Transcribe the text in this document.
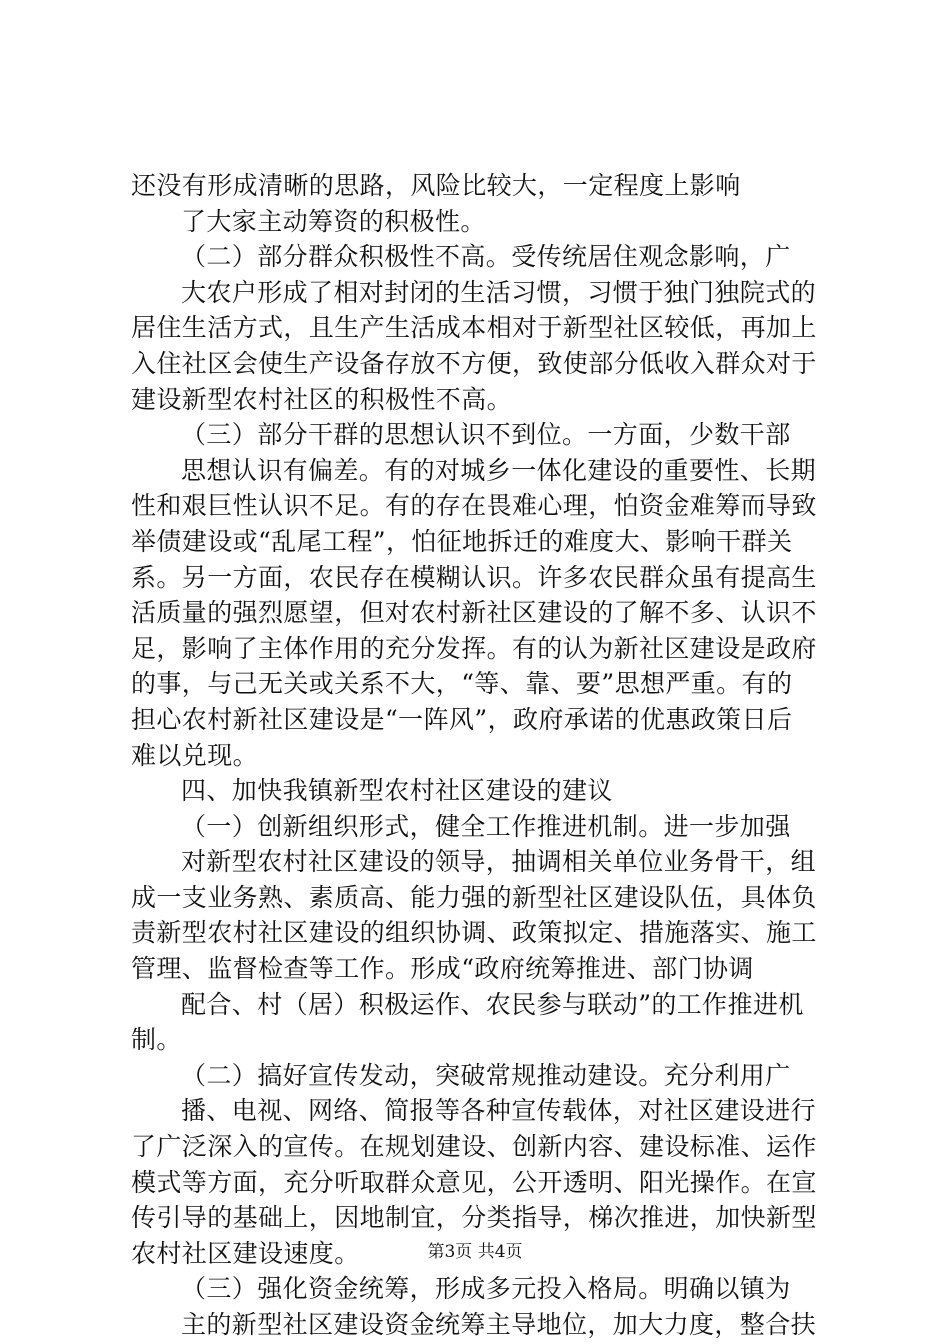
还没有形成清晰的思路，风险比较大，一定程度上影响
了大家主动筹资的积极性。
（二）部分群众积极性不高。受传统居住观念影响，广
大农户形成了相对封闭的生活习惯，习惯于独门独院式的
居住生活方式，且生产生活成本相对于新型社区较低，再加上
入住社区会使生产设备存放不方便，致使部分低收入群众对于
建设新型农村社区的积极性不高。
（三）部分干群的思想认识不到位。一方面，少数干部
思想认识有偏差。有的对城乡一体化建设的重要性、长期
性和艰巨性认识不足。有的存在畏难心理，怕资金难筹而导致
举债建设或“乱尾工程”，怕征地拆迁的难度大、影响干群关
系。另一方面，农民存在模糊认识。许多农民群众虽有提高生
活质量的强烈愿望，但对农村新社区建设的了解不多、认识不
足，影响了主体作用的充分发挥。有的认为新社区建设是政府
的事，与己无关或关系不大，“等、靠、要”思想严重。有的
担心农村新社区建设是“一阵风”，政府承诺的优惠政策日后
难以兑现。
四、加快我镇新型农村社区建设的建议
（一）创新组织形式，健全工作推进机制。进一步加强
对新型农村社区建设的领导，抽调相关单位业务骨干，组
成一支业务熟、素质高、能力强的新型社区建设队伍，具体负
责新型农村社区建设的组织协调、政策拟定、措施落实、施工
管理、监督检查等工作。形成“政府统筹推进、部门协调
配合、村（居）积极运作、农民参与联动”的工作推进机
制。
（二）搞好宣传发动，突破常规推动建设。充分利用广
播、电视、网络、简报等各种宣传载体，对社区建设进行
了广泛深入的宣传。在规划建设、创新内容、建设标准、运作
模式等方面，充分听取群众意见，公开透明、阳光操作。在宣
传引导的基础上，因地制宜，分类指导，梯次推进，加快新型
农村社区建设速度。
（三）强化资金统筹，形成多元投入格局。明确以镇为
主的新型社区建设资金统筹主导地位，加大力度，整合扶
第3页 共4页
